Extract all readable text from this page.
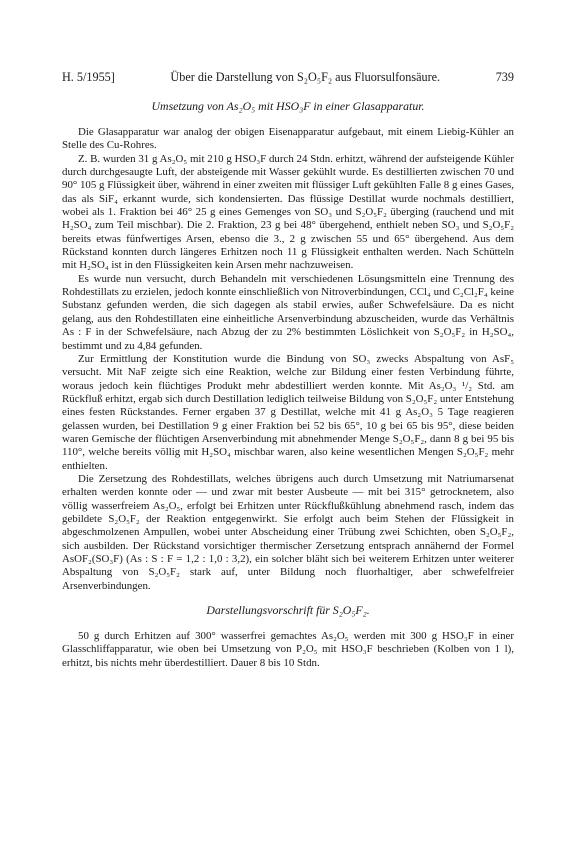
H. 5/1955]	Über die Darstellung von S₂O₅F₂ aus Fluorsulfonsäure.	739
Umsetzung von As₂O₅ mit HSO₃F in einer Glasapparatur.

Die Glasapparatur war analog der obigen Eisenapparatur aufgebaut, mit einem Liebig-Kühler an Stelle des Cu-Rohres.

Z. B. wurden 31 g As₂O₅ mit 210 g HSO₃F durch 24 Stdn. erhitzt, während der aufsteigende Kühler durch durchgesaugte Luft, der absteigende mit Wasser gekühlt wurde. Es destillierten zwischen 70 und 90° 105 g Flüssigkeit über, während in einer zweiten mit flüssiger Luft gekühlten Falle 8 g eines Gases, das als SiF₄ erkannt wurde, sich kondensierten. Das flüssige Destillat wurde nochmals destilliert, wobei als 1. Fraktion bei 46° 25 g eines Gemenges von SO₃ und S₂O₅F₂ überging (rauchend und mit H₂SO₄ zum Teil mischbar). Die 2. Fraktion, 23 g bei 48° übergehend, enthielt neben SO₃ und S₂O₅F₂ bereits etwas fünfwertiges Arsen, ebenso die 3., 2 g zwischen 55 und 65° übergehend. Aus dem Rückstand konnten durch längeres Erhitzen noch 11 g Flüssigkeit enthalten werden. Nach Schütteln mit H₂SO₄ ist in den Flüssigkeiten kein Arsen mehr nachzuweisen.

Es wurde nun versucht, durch Behandeln mit verschiedenen Lösungsmitteln eine Trennung des Rohdestillats zu erzielen, jedoch konnte einschließlich von Nitroverbindungen, CCl₄ und C₂Cl₂F₄ keine Substanz gefunden werden, die sich dagegen als stabil erwies, außer Schwefelsäure. Da es nicht gelang, aus den Rohdestillaten eine einheitliche Arsenverbindung abzuscheiden, wurde das Verhältnis As : F in der Schwefelsäure, nach Abzug der zu 2% bestimmten Löslichkeit von S₂O₅F₂ in H₂SO₄, bestimmt und zu 4,84 gefunden.

Zur Ermittlung der Konstitution wurde die Bindung von SO₃ zwecks Abspaltung von AsF₅ versucht. Mit NaF zeigte sich eine Reaktion, welche zur Bildung einer festen Verbindung führte, woraus jedoch kein flüchtiges Produkt mehr abdestilliert werden konnte. Mit As₂O₃ ¹/₂ Std. am Rückfluß erhitzt, ergab sich durch Destillation lediglich teilweise Bildung von S₂O₅F₂ unter Entstehung eines festen Rückstandes. Ferner ergaben 37 g Destillat, welche mit 41 g As₂O₃ 5 Tage reagieren gelassen wurden, bei Destillation 9 g einer Fraktion bei 52 bis 65°, 10 g bei 65 bis 95°, diese beiden waren Gemische der flüchtigen Arsenverbindung mit abnehmender Menge S₂O₅F₂, dann 8 g bei 95 bis 110°, welche bereits völlig mit H₂SO₄ mischbar waren, also keine wesentlichen Mengen S₂O₅F₂ mehr enthielten.

Die Zersetzung des Rohdestillats, welches übrigens auch durch Umsetzung mit Natriumarsenat erhalten werden konnte oder — und zwar mit bester Ausbeute — mit bei 315° getrocknetem, also völlig wasserfreiem As₂O₅, erfolgt bei Erhitzen unter Rückflußkühlung abnehmend rasch, indem das gebildete S₂O₅F₂ der Reaktion entgegenwirkt. Sie erfolgt auch beim Stehen der Flüssigkeit in abgeschmolzenen Ampullen, wobei unter Abscheidung einer Trübung zwei Schichten, oben S₂O₅F₂, sich ausbilden. Der Rückstand vorsichtiger thermischer Zersetzung entsprach annähernd der Formel AsOF₂(SO₃F) (As : S : F = 1,2 : 1,0 : 3,2), ein solcher bläht sich bei weiterem Erhitzen unter weiterer Abspaltung von S₂O₅F₂ stark auf, unter Bildung noch fluorhaltiger, aber schwefelfreier Arsenverbindungen.

Darstellungsvorschrift für S₂O₅F₂.

50 g durch Erhitzen auf 300° wasserfrei gemachtes As₂O₅ werden mit 300 g HSO₃F in einer Glasschliffapparatur, wie oben bei Umsetzung von P₂O₅ mit HSO₃F beschrieben (Kolben von 1 l), erhitzt, bis nichts mehr überdestilliert. Dauer 8 bis 10 Stdn.
